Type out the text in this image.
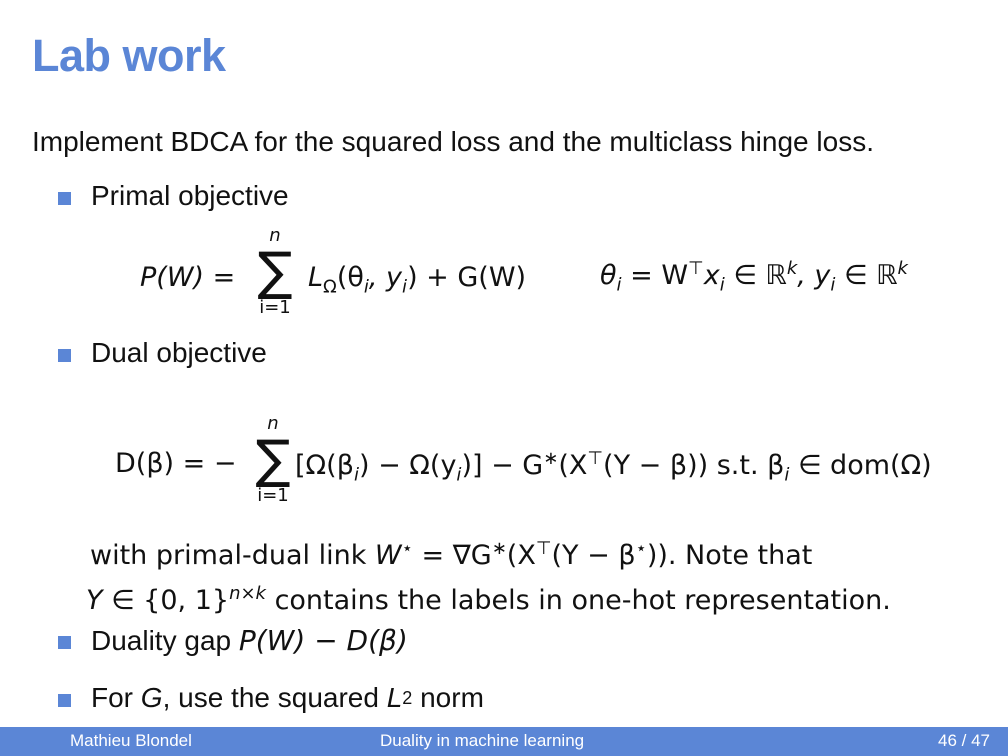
Lab work
Implement BDCA for the squared loss and the multiclass hinge loss.
Primal objective
P(W) =
n
∑
i=1
$L_\Omega(\theta_i$, $y_i) + G(W)$	$\theta_i = W^⊤x_i$ ∈ ℝ$^k$, $y_i$ ∈ ℝ$^k$
Dual objective
D(β) = −
n
∑
i=1
$[\Omega(\beta_i) - \Omega(y_i)] - G^∗(X^⊤(Y - \beta))$ s.t. $\beta_i$ ∈ dom(Ω)
with primal-dual link W⋆ = ∇G∗(X⊤(Y − β⋆)). Note that
Y ∈ {0, 1}$^{n\times k}$ contains the labels in one-hot representation.
Duality gap
P(W) − D(β)
For
G , use the squared
L 2
norm
Mathieu Blondel	Duality in machine learning	46 / 47
